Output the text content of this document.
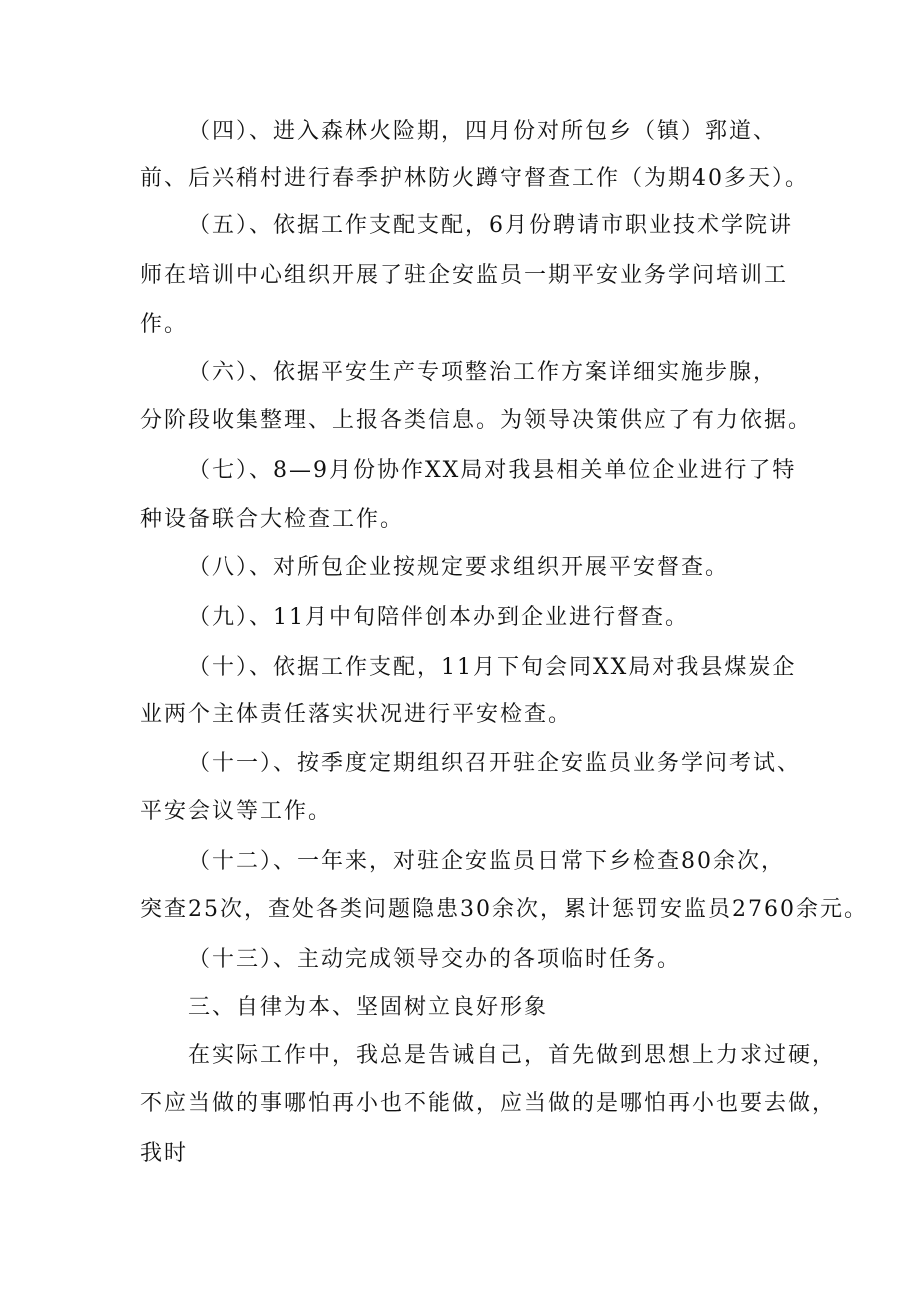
（四）、进入森林火险期，四月份对所包乡（镇）郛道、
前、后兴稍村进行春季护林防火蹲守督查工作（为期40多天）。
（五）、依据工作支配支配，6月份聘请市职业技术学院讲
师在培训中心组织开展了驻企安监员一期平安业务学问培训工
作。
（六）、依据平安生产专项整治工作方案详细实施步腺，
分阶段收集整理、上报各类信息。为领导决策供应了有力依据。
（七）、8—9月份协作XX局对我县相关单位企业进行了特
种设备联合大检查工作。
（八）、对所包企业按规定要求组织开展平安督查。
（九）、11月中旬陪伴创本办到企业进行督查。
（十）、依据工作支配，11月下旬会同XX局对我县煤炭企
业两个主体责任落实状况进行平安检查。
（十一）、按季度定期组织召开驻企安监员业务学问考试、
平安会议等工作。
（十二）、一年来，对驻企安监员日常下乡检查80余次，
突查25次，查处各类问题隐患30余次，累计惩罚安监员2760余元。
（十三）、主动完成领导交办的各项临时任务。
三、自律为本、坚固树立良好形象
在实际工作中，我总是告诫自己，首先做到思想上力求过硬，
不应当做的事哪怕再小也不能做，应当做的是哪怕再小也要去做，
我时
